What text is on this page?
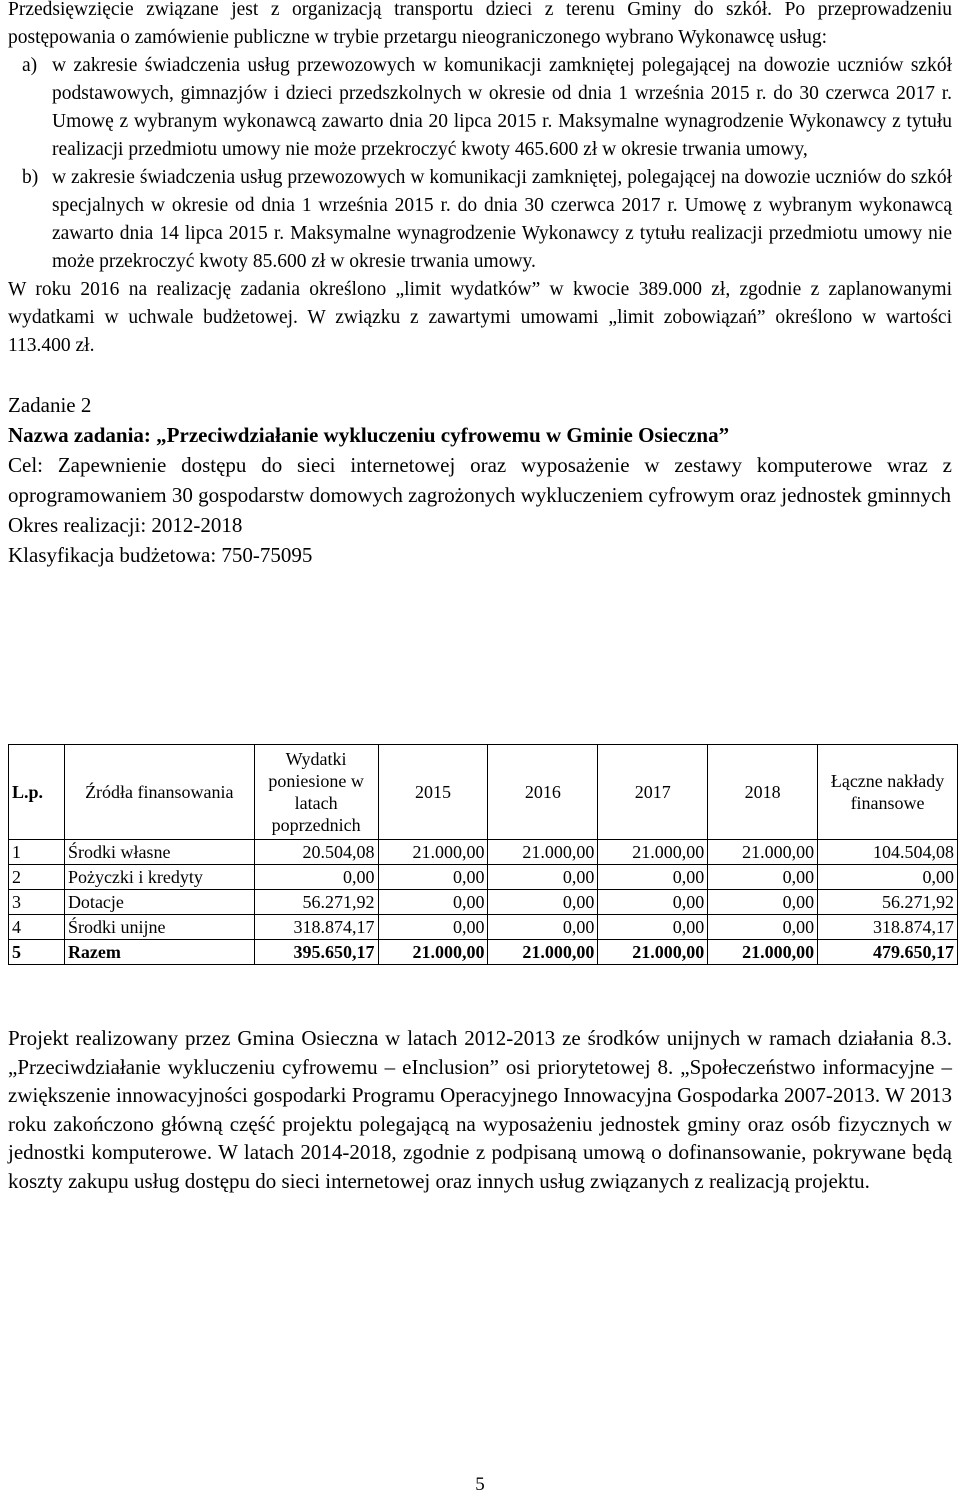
Przedsięwzięcie związane jest z organizacją transportu dzieci z terenu Gminy do szkół. Po przeprowadzeniu postępowania o zamówienie publiczne w trybie przetargu nieograniczonego wybrano Wykonawcę usług:

a) w zakresie świadczenia usług przewozowych w komunikacji zamkniętej polegającej na dowozie uczniów szkół podstawowych, gimnazjów i dzieci przedszkolnych w okresie od dnia 1 września 2015 r. do 30 czerwca 2017 r. Umowę z wybranym wykonawcą zawarto dnia 20 lipca 2015 r. Maksymalne wynagrodzenie Wykonawcy z tytułu realizacji przedmiotu umowy nie może przekroczyć kwoty 465.600 zł w okresie trwania umowy,
b) w zakresie świadczenia usług przewozowych w komunikacji zamkniętej, polegającej na dowozie uczniów do szkół specjalnych w okresie od dnia 1 września 2015 r. do dnia 30 czerwca 2017 r. Umowę z wybranym wykonawcą zawarto dnia 14 lipca 2015 r. Maksymalne wynagrodzenie Wykonawcy z tytułu realizacji przedmiotu umowy nie może przekroczyć kwoty 85.600 zł w okresie trwania umowy.

W roku 2016 na realizację zadania określono „limit wydatków” w kwocie 389.000 zł, zgodnie z zaplanowanymi wydatkami w uchwale budżetowej. W związku z zawartymi umowami „limit zobowiązań” określono w wartości 113.400 zł.

Zadanie 2

Nazwa zadania: „Przeciwdziałanie wykluczeniu cyfrowemu w Gminie Osieczna”

Cel: Zapewnienie dostępu do sieci internetowej oraz wyposażenie w zestawy komputerowe wraz z oprogramowaniem 30 gospodarstw domowych zagrożonych wykluczeniem cyfrowym oraz jednostek gminnych

Okres realizacji: 2012-2018

Klasyfikacja budżetowa: 750-75095

L.p.	Źródła finansowania	Wydatki poniesione w latach poprzednich	2015	2016	2017	2018	Łączne nakłady finansowe
1	Środki własne	20.504,08	21.000,00	21.000,00	21.000,00	21.000,00	104.504,08
2	Pożyczki i kredyty	0,00	0,00	0,00	0,00	0,00	0,00
3	Dotacje	56.271,92	0,00	0,00	0,00	0,00	56.271,92
4	Środki unijne	318.874,17	0,00	0,00	0,00	0,00	318.874,17
5	Razem	395.650,17	21.000,00	21.000,00	21.000,00	21.000,00	479.650,17

Projekt realizowany przez Gmina Osieczna w latach 2012-2013 ze środków unijnych w ramach działania 8.3. „Przeciwdziałanie wykluczeniu cyfrowemu – eInclusion” osi priorytetowej 8. „Społeczeństwo informacyjne – zwiększenie innowacyjności gospodarki Programu Operacyjnego Innowacyjna Gospodarka 2007-2013. W 2013 roku zakończono główną część projektu polegającą na wyposażeniu jednostek gminy oraz osób fizycznych w jednostki komputerowe. W latach 2014-2018, zgodnie z podpisaną umową o dofinansowanie, pokrywane będą koszty zakupu usług dostępu do sieci internetowej oraz innych usług związanych z realizacją projektu.

5
